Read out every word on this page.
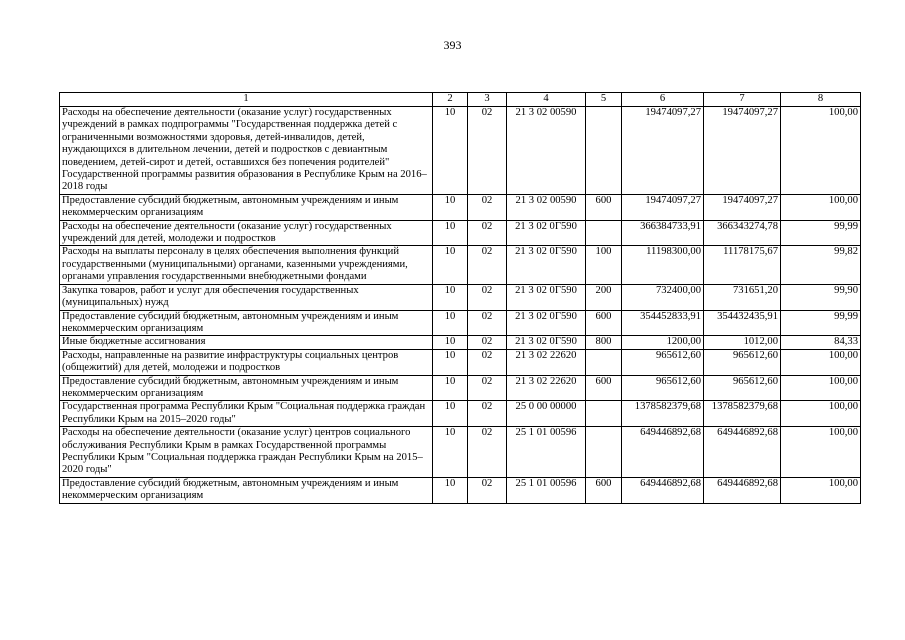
393
1	2	3	4	5	6	7	8
Расходы на обеспечение деятельности (оказание услуг) государственных учреждений в рамках подпрограммы "Государственная поддержка детей с ограниченными возможностями здоровья, детей-инвалидов, детей, нуждающихся в длительном лечении, детей и подростков с девиантным поведением, детей-сирот и детей, оставшихся без попечения родителей" Государственной программы развития образования в Республике Крым на 2016–2018 годы	10	02	21 3 02 00590		19474097,27	19474097,27	100,00
Предоставление субсидий бюджетным, автономным учреждениям и иным некоммерческим организациям	10	02	21 3 02 00590	600	19474097,27	19474097,27	100,00
Расходы на обеспечение деятельности (оказание услуг) государственных учреждений для детей, молодежи и подростков	10	02	21 3 02 0Г590		366384733,91	366343274,78	99,99
Расходы на выплаты персоналу в целях обеспечения выполнения функций государственными (муниципальными) органами, казенными учреждениями, органами управления государственными внебюджетными фондами	10	02	21 3 02 0Г590	100	11198300,00	11178175,67	99,82
Закупка товаров, работ и услуг для обеспечения государственных (муниципальных) нужд	10	02	21 3 02 0Г590	200	732400,00	731651,20	99,90
Предоставление субсидий бюджетным, автономным учреждениям и иным некоммерческим организациям	10	02	21 3 02 0Г590	600	354452833,91	354432435,91	99,99
Иные бюджетные ассигнования	10	02	21 3 02 0Г590	800	1200,00	1012,00	84,33
Расходы, направленные на развитие инфраструктуры социальных центров (общежитий) для детей, молодежи и подростков	10	02	21 3 02 22620		965612,60	965612,60	100,00
Предоставление субсидий бюджетным, автономным учреждениям и иным некоммерческим организациям	10	02	21 3 02 22620	600	965612,60	965612,60	100,00
Государственная программа Республики Крым "Социальная поддержка граждан Республики Крым на 2015–2020 годы"	10	02	25 0 00 00000		1378582379,68	1378582379,68	100,00
Расходы на обеспечение деятельности (оказание услуг) центров социального обслуживания Республики Крым в рамках Государственной программы Республики Крым "Социальная поддержка граждан Республики Крым на 2015–2020 годы"	10	02	25 1 01 00596		649446892,68	649446892,68	100,00
Предоставление субсидий бюджетным, автономным учреждениям и иным некоммерческим организациям	10	02	25 1 01 00596	600	649446892,68	649446892,68	100,00
